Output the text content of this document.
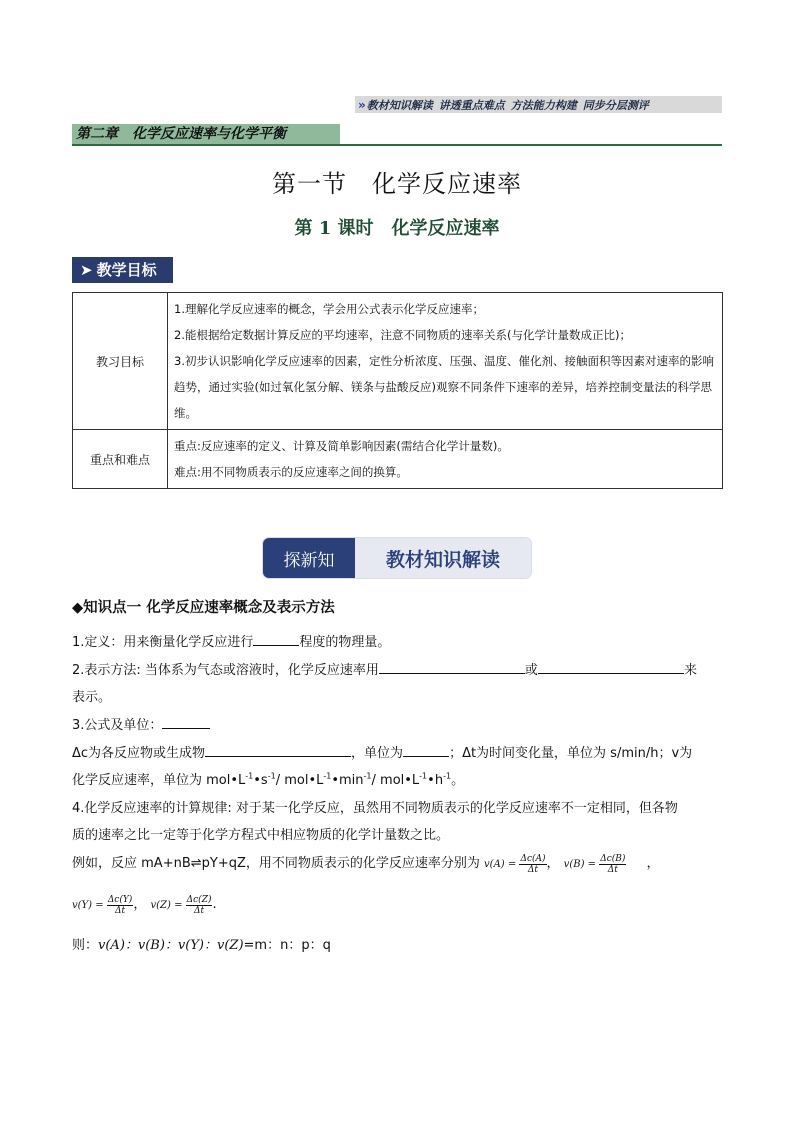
» 教材知识解读 讲透重点难点 方法能力构建 同步分层测评
第二章　化学反应速率与化学平衡
第一节　化学反应速率
第 1 课时　化学反应速率
➤ 教学目标
教习目标	1.理解化学反应速率的概念，学会用公式表示化学反应速率；

2.能根据给定数据计算反应的平均速率，注意不同物质的速率关系(与化学计量数成正比)；

3.初步认识影响化学反应速率的因素，定性分析浓度、压强、温度、催化剂、接触面积等因素对速率的影响趋势，通过实验(如过氧化氢分解、镁条与盐酸反应)观察不同条件下速率的差异，培养控制变量法的科学思维。

重点和难点	重点:反应速率的定义、计算及简单影响因素(需结合化学计量数)。

难点:用不同物质表示的反应速率之间的换算。

探新知	教材知识解读
◆知识点一 化学反应速率概念及表示方法
1.定义：用来衡量化学反应进行	程度的物理量。
2.表示方法: 当体系为气态或溶液时，化学反应速率用	或	来
表示。
3.公式及单位：
Δc为各反应物或生成物	，单位为	；Δt为时间变化量，单位为 s/min/h；v为
化学反应速率，单位为 $mol•L^{-1}•s^{-1}/$ $mol•L^{-1}•\min^{-1}/$ $mol•L^{-1}•h^{-1}$。
4.化学反应速率的计算规律: 对于某一化学反应，虽然用不同物质表示的化学反应速率不一定相同，但各物
质的速率之比一定等于化学方程式中相应物质的化学计量数之比。
例如，反应 mA+nB⇌pY+qZ，用不同物质表示的化学反应速率分别为 $v(A) = \frac{\Delta c(A)}{\Delta t}$ ， $v(B) = \frac{\Delta c(B)}{\Delta t}$ ，
$v(Y) = \frac{\Delta c(Y)}{\Delta t}$ ， $v(Z) = \frac{\Delta c(Z)}{\Delta t}$ .
则：v(A)：v(B)：v(Y)：v(Z)=m：n：p：q
